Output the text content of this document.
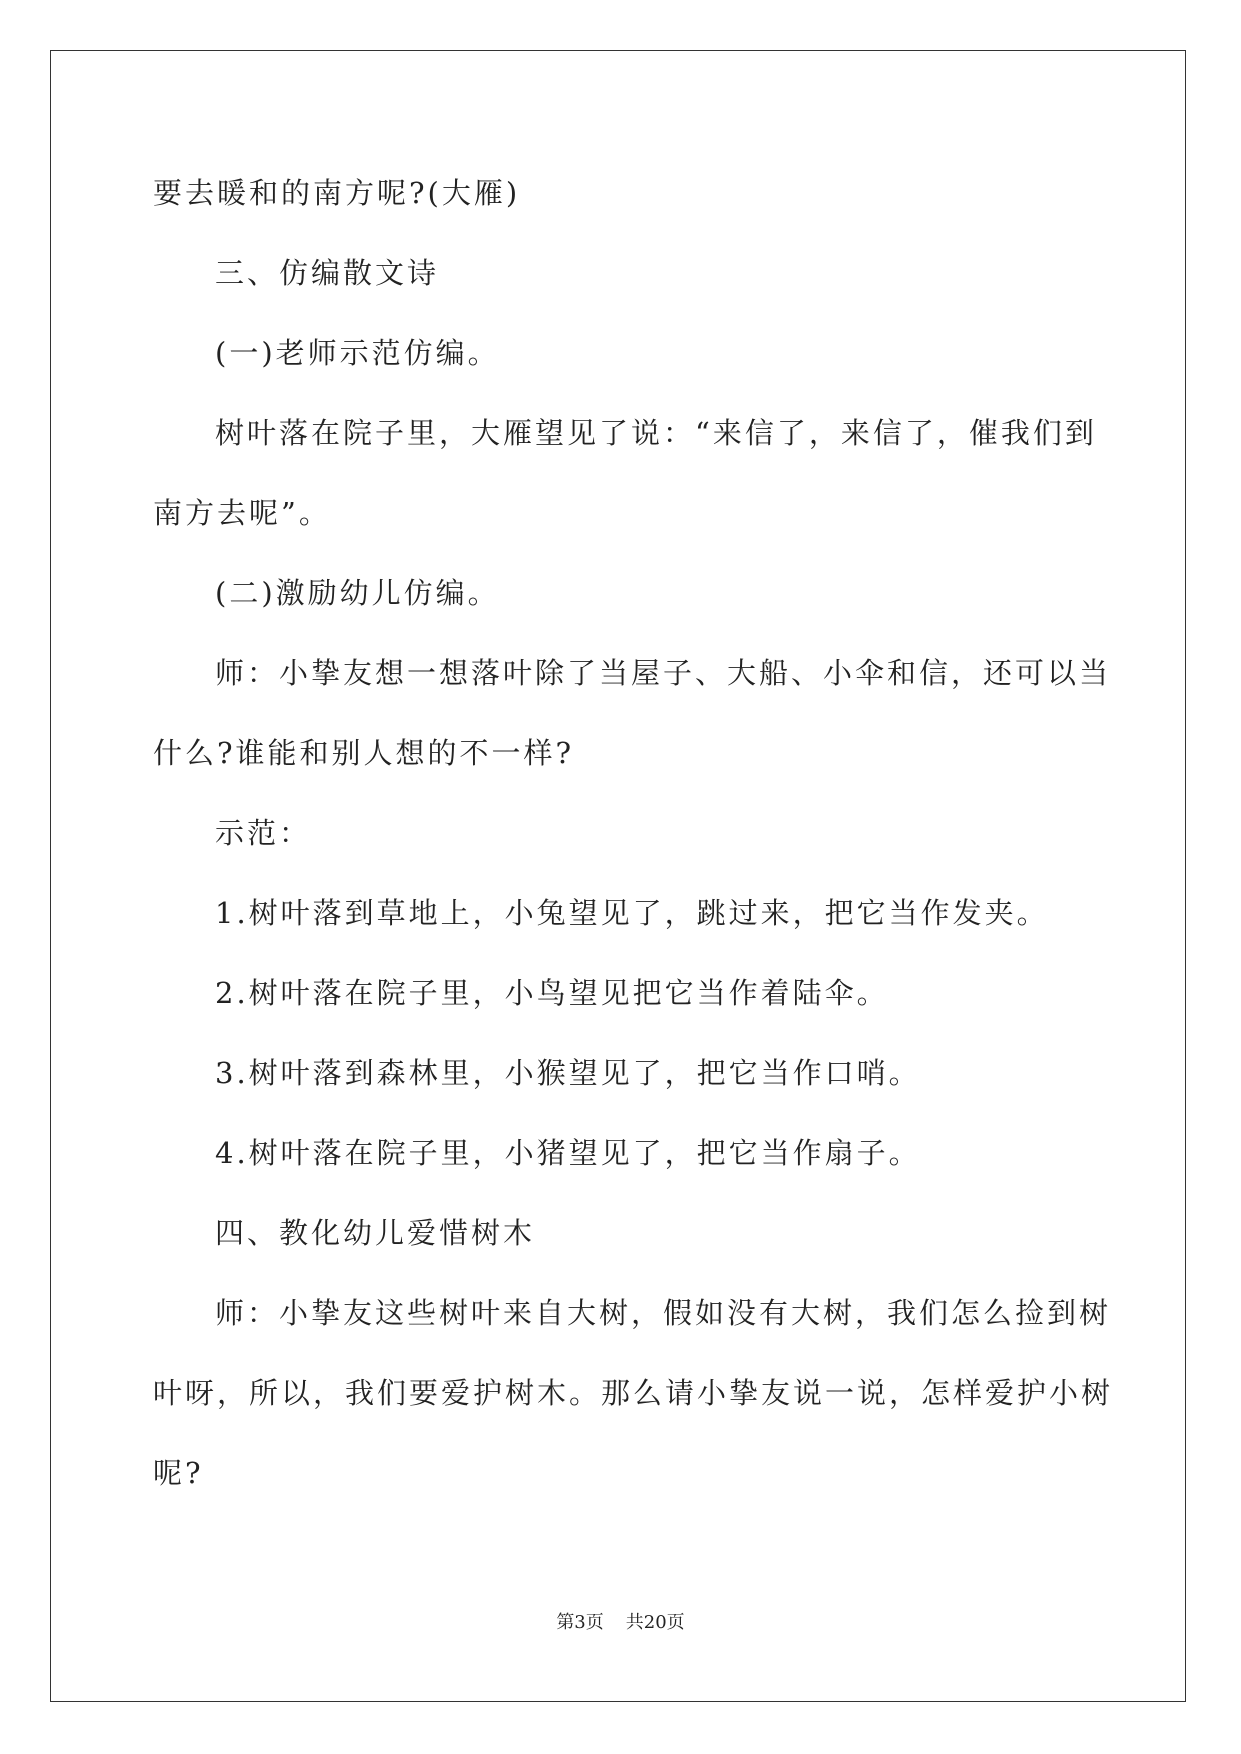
要去暖和的南方呢?(大雁)

三、仿编散文诗

(一)老师示范仿编。

树叶落在院子里，大雁望见了说：“来信了，来信了，催我们到

南方去呢”。

(二)激励幼儿仿编。

师：小挚友想一想落叶除了当屋子、大船、小伞和信，还可以当

什么?谁能和别人想的不一样?

示范：

1.树叶落到草地上，小兔望见了，跳过来，把它当作发夹。

2.树叶落在院子里，小鸟望见把它当作着陆伞。

3.树叶落到森林里，小猴望见了，把它当作口哨。

4.树叶落在院子里，小猪望见了，把它当作扇子。

四、教化幼儿爱惜树木

师：小挚友这些树叶来自大树，假如没有大树，我们怎么捡到树

叶呀，所以，我们要爱护树木。那么请小挚友说一说，怎样爱护小树

呢?

第3页 共20页
